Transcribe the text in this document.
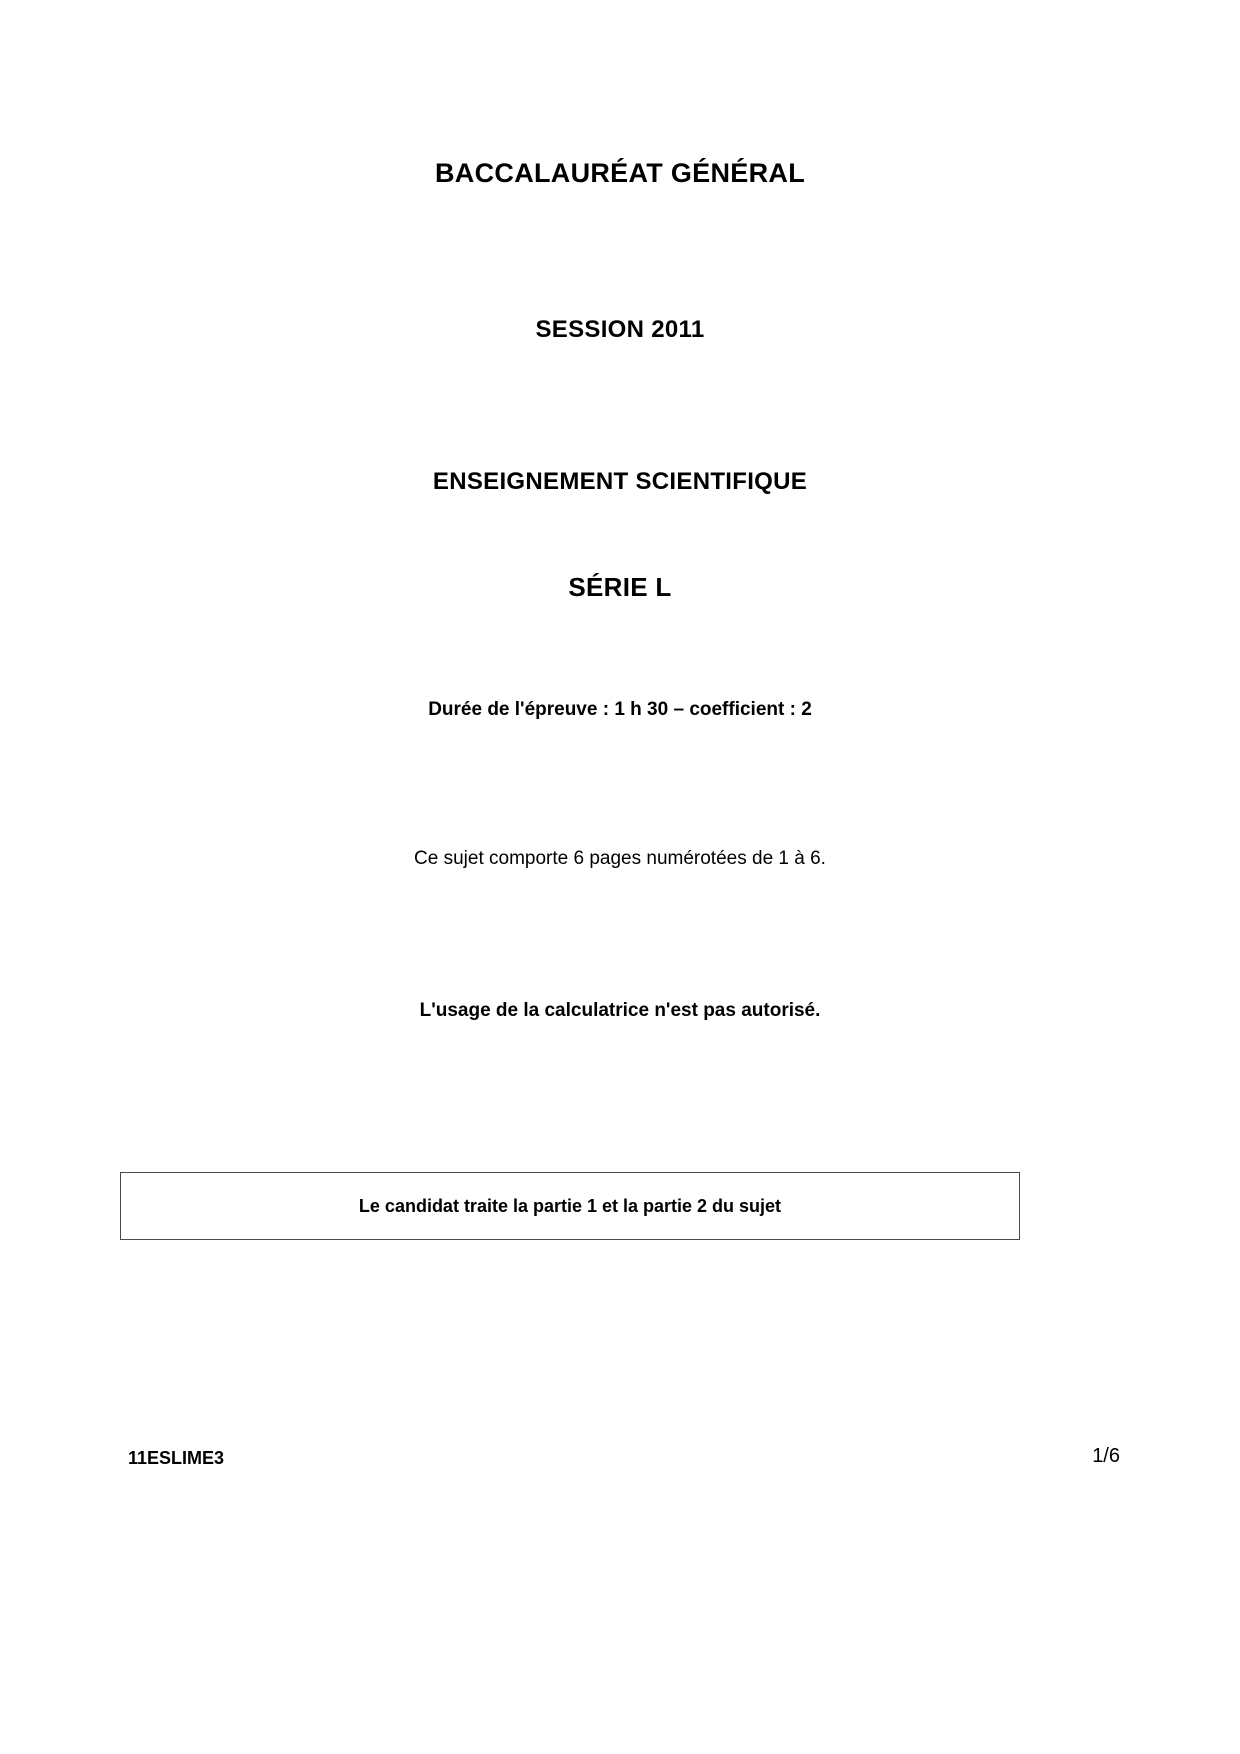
BACCALAURÉAT GÉNÉRAL
SESSION 2011
ENSEIGNEMENT SCIENTIFIQUE
SÉRIE L
Durée de l'épreuve : 1 h 30 – coefficient : 2
Ce sujet comporte 6 pages numérotées de 1 à 6.
L'usage de la calculatrice n'est pas autorisé.
Le candidat traite la partie 1 et la partie 2 du sujet
11ESLIME3	1/6
